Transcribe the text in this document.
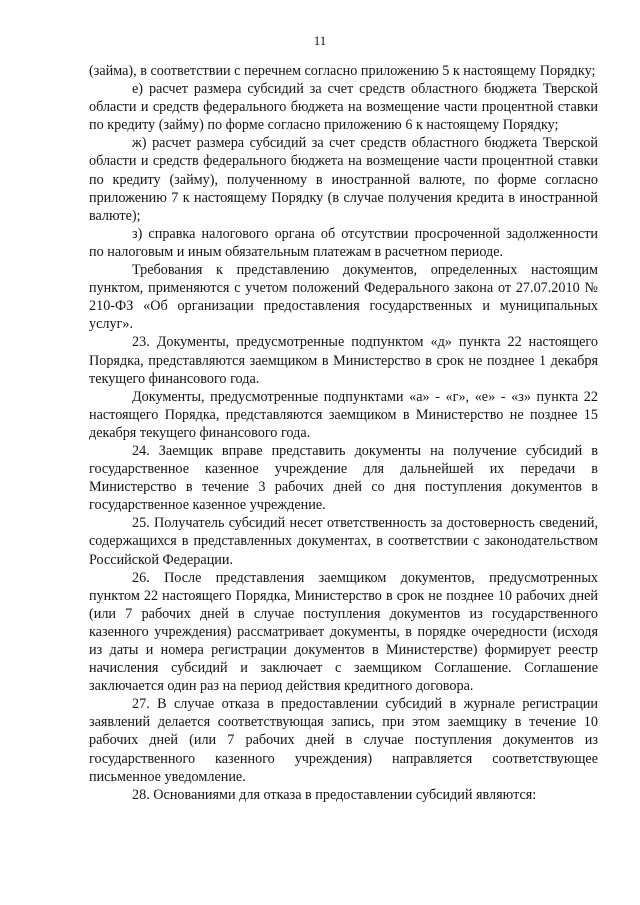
11

(займа), в соответствии с перечнем согласно приложению 5 к настоящему Порядку;

е) расчет размера субсидий за счет средств областного бюджета Тверской области и средств федерального бюджета на возмещение части процентной ставки по кредиту (займу) по форме согласно приложению 6 к настоящему Порядку;

ж) расчет размера субсидий за счет средств областного бюджета Тверской области и средств федерального бюджета на возмещение части процентной ставки по кредиту (займу), полученному в иностранной валюте, по форме согласно приложению 7 к настоящему Порядку (в случае получения кредита в иностранной валюте);

з) справка налогового органа об отсутствии просроченной задолженности по налоговым и иным обязательным платежам в расчетном периоде.

Требования к представлению документов, определенных настоящим пунктом, применяются с учетом положений Федерального закона от 27.07.2010 № 210-ФЗ «Об организации предоставления государственных и муниципальных услуг».

23. Документы, предусмотренные подпунктом «д» пункта 22 настоящего Порядка, представляются заемщиком в Министерство в срок не позднее 1 декабря текущего финансового года.

Документы, предусмотренные подпунктами «а» - «г», «е» - «з» пункта 22 настоящего Порядка, представляются заемщиком в Министерство не позднее 15 декабря текущего финансового года.

24. Заемщик вправе представить документы на получение субсидий в государственное казенное учреждение для дальнейшей их передачи в Министерство в течение 3 рабочих дней со дня поступления документов в государственное казенное учреждение.

25. Получатель субсидий несет ответственность за достоверность сведений, содержащихся в представленных документах, в соответствии с законодательством Российской Федерации.

26. После представления заемщиком документов, предусмотренных пунктом 22 настоящего Порядка, Министерство в срок не позднее 10 рабочих дней (или 7 рабочих дней в случае поступления документов из государственного казенного учреждения) рассматривает документы, в порядке очередности (исходя из даты и номера регистрации документов в Министерстве) формирует реестр начисления субсидий и заключает с заемщиком Соглашение. Соглашение заключается один раз на период действия кредитного договора.

27. В случае отказа в предоставлении субсидий в журнале регистрации заявлений делается соответствующая запись, при этом заемщику в течение 10 рабочих дней (или 7 рабочих дней в случае поступления документов из государственного казенного учреждения) направляется соответствующее письменное уведомление.

28. Основаниями для отказа в предоставлении субсидий являются:
